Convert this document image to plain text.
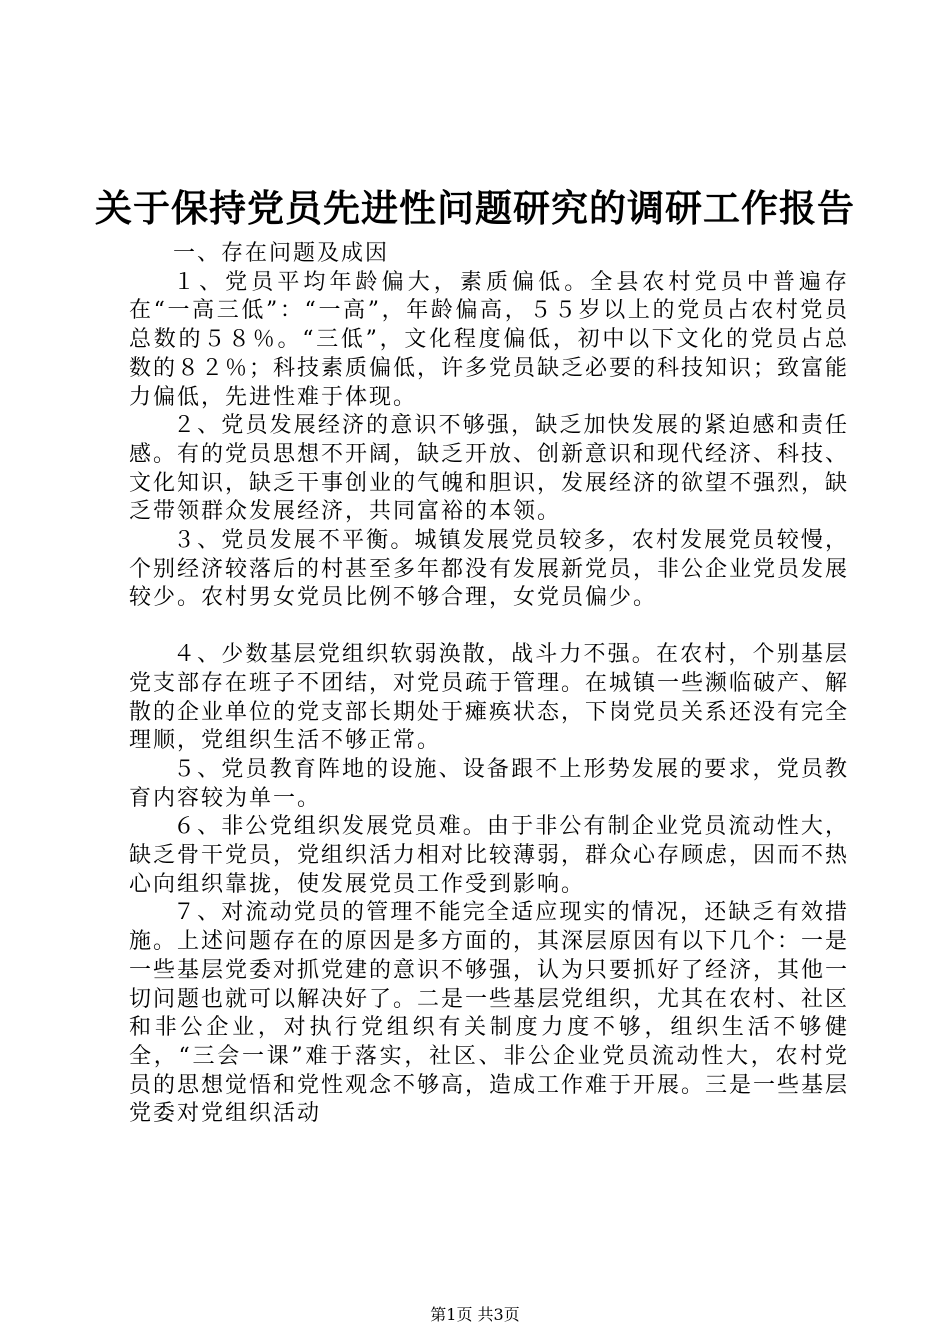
关于保持党员先进性问题研究的调研工作报告

一、存在问题及成因

１、党员平均年龄偏大，素质偏低。全县农村党员中普遍存在“一高三低”：“一高”，年龄偏高，５５岁以上的党员占农村党员总数的５８％。“三低”，文化程度偏低，初中以下文化的党员占总数的８２％；科技素质偏低，许多党员缺乏必要的科技知识；致富能力偏低，先进性难于体现。

２、党员发展经济的意识不够强，缺乏加快发展的紧迫感和责任感。有的党员思想不开阔，缺乏开放、创新意识和现代经济、科技、文化知识，缺乏干事创业的气魄和胆识，发展经济的欲望不强烈，缺乏带领群众发展经济，共同富裕的本领。

３、党员发展不平衡。城镇发展党员较多，农村发展党员较慢，个别经济较落后的村甚至多年都没有发展新党员，非公企业党员发展较少。农村男女党员比例不够合理，女党员偏少。

４、少数基层党组织软弱涣散，战斗力不强。在农村，个别基层党支部存在班子不团结，对党员疏于管理。在城镇一些濒临破产、解散的企业单位的党支部长期处于瘫痪状态，下岗党员关系还没有完全理顺，党组织生活不够正常。

５、党员教育阵地的设施、设备跟不上形势发展的要求，党员教育内容较为单一。

６、非公党组织发展党员难。由于非公有制企业党员流动性大，缺乏骨干党员，党组织活力相对比较薄弱，群众心存顾虑，因而不热心向组织靠拢，使发展党员工作受到影响。

７、对流动党员的管理不能完全适应现实的情况，还缺乏有效措施。上述问题存在的原因是多方面的，其深层原因有以下几个：一是一些基层党委对抓党建的意识不够强，认为只要抓好了经济，其他一切问题也就可以解决好了。二是一些基层党组织，尤其在农村、社区和非公企业，对执行党组织有关制度力度不够，组织生活不够健全，“三会一课”难于落实，社区、非公企业党员流动性大，农村党员的思想觉悟和党性观念不够高，造成工作难于开展。三是一些基层党委对党组织活动

第1页 共3页
